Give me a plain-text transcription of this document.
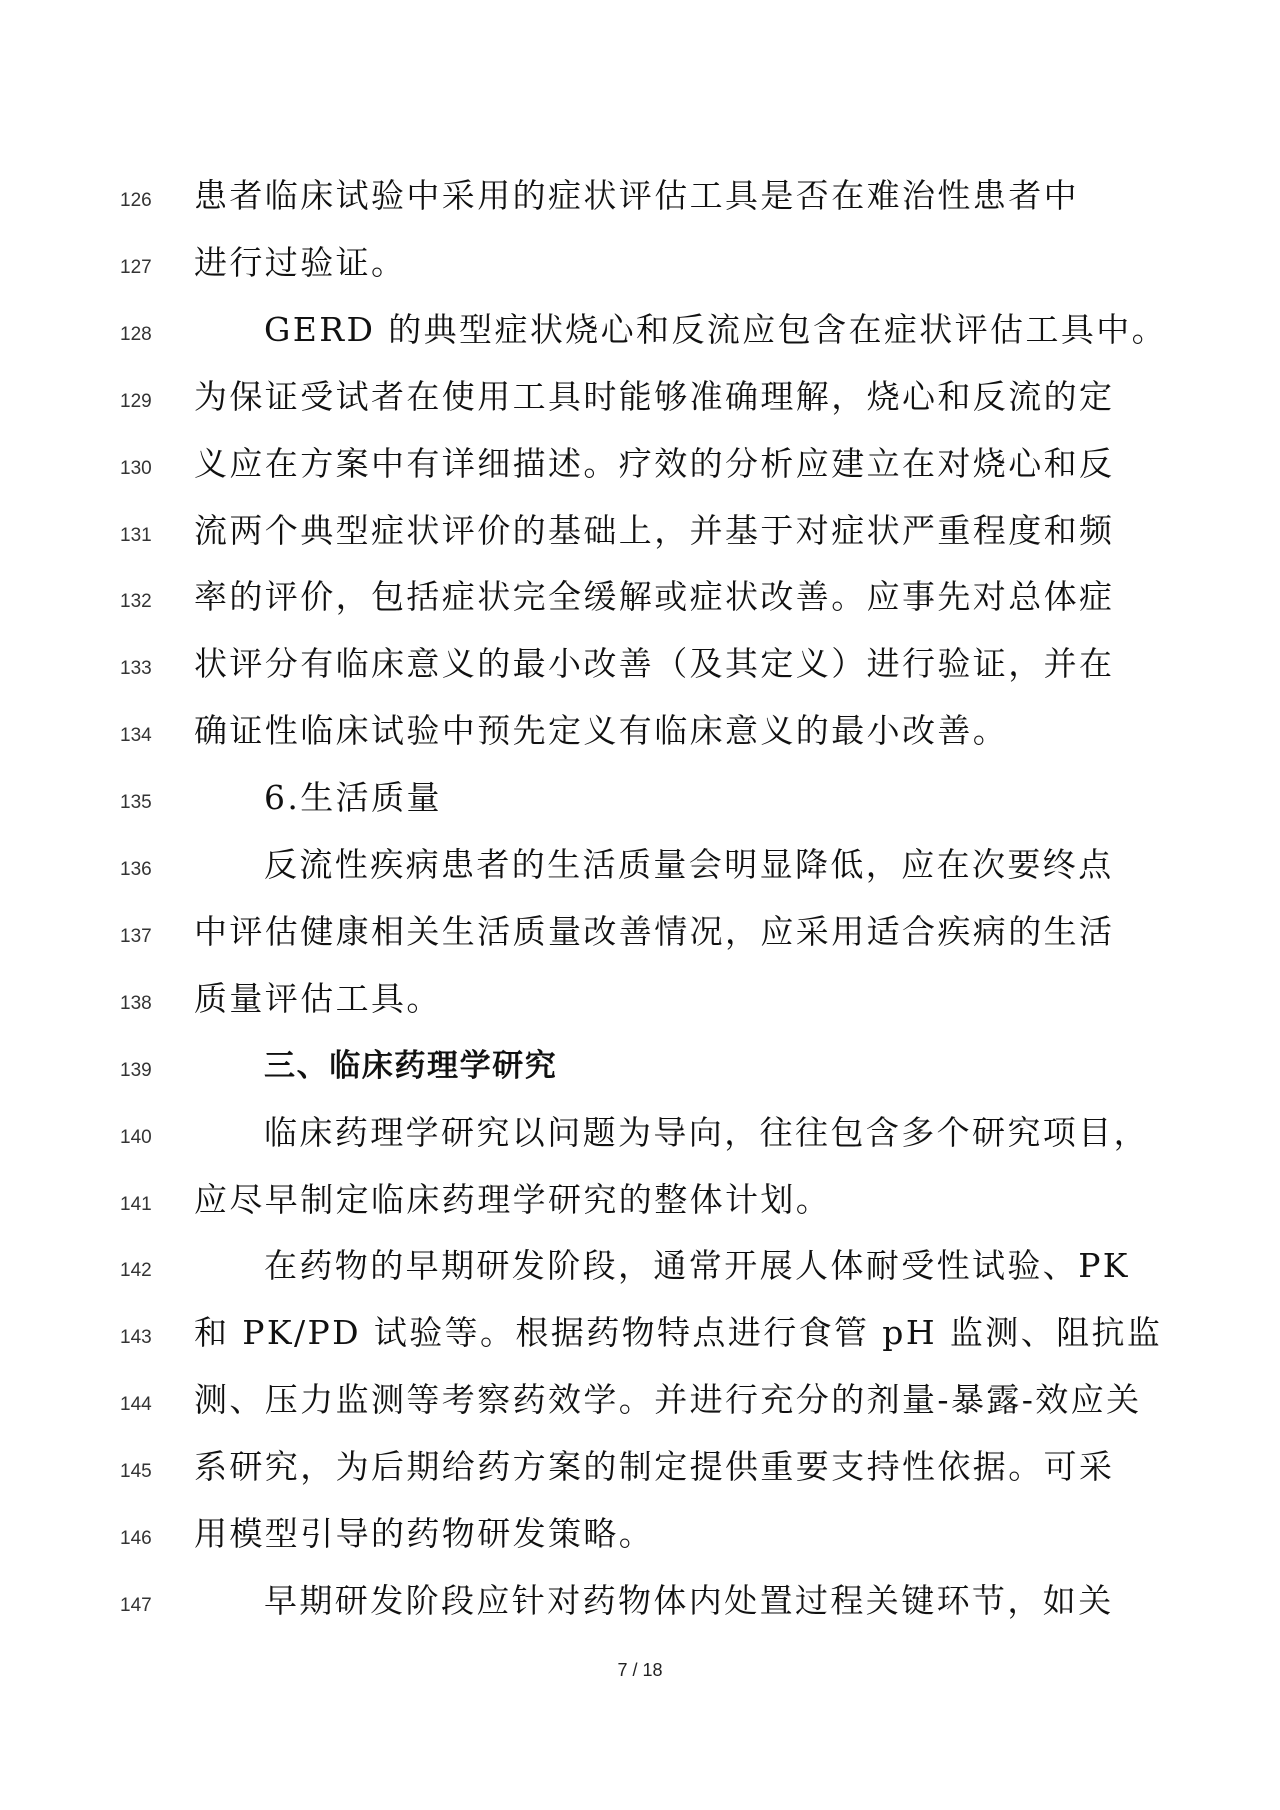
126	患者临床试验中采用的症状评估工具是否在难治性患者中
127	进行过验证。
128	GERD 的典型症状烧心和反流应包含在症状评估工具中。
129	为保证受试者在使用工具时能够准确理解，烧心和反流的定
130	义应在方案中有详细描述。疗效的分析应建立在对烧心和反
131	流两个典型症状评价的基础上，并基于对症状严重程度和频
132	率的评价，包括症状完全缓解或症状改善。应事先对总体症
133	状评分有临床意义的最小改善（及其定义）进行验证，并在
134	确证性临床试验中预先定义有临床意义的最小改善。
135	6.生活质量
136	反流性疾病患者的生活质量会明显降低，应在次要终点
137	中评估健康相关生活质量改善情况，应采用适合疾病的生活
138	质量评估工具。
139	三、临床药理学研究
140	临床药理学研究以问题为导向，往往包含多个研究项目，
141	应尽早制定临床药理学研究的整体计划。
142	在药物的早期研发阶段，通常开展人体耐受性试验、PK
143	和 PK/PD 试验等。根据药物特点进行食管 pH 监测、阻抗监
144	测、压力监测等考察药效学。并进行充分的剂量-暴露-效应关
145	系研究，为后期给药方案的制定提供重要支持性依据。可采
146	用模型引导的药物研发策略。
147	早期研发阶段应针对药物体内处置过程关键环节，如关
7 / 18
